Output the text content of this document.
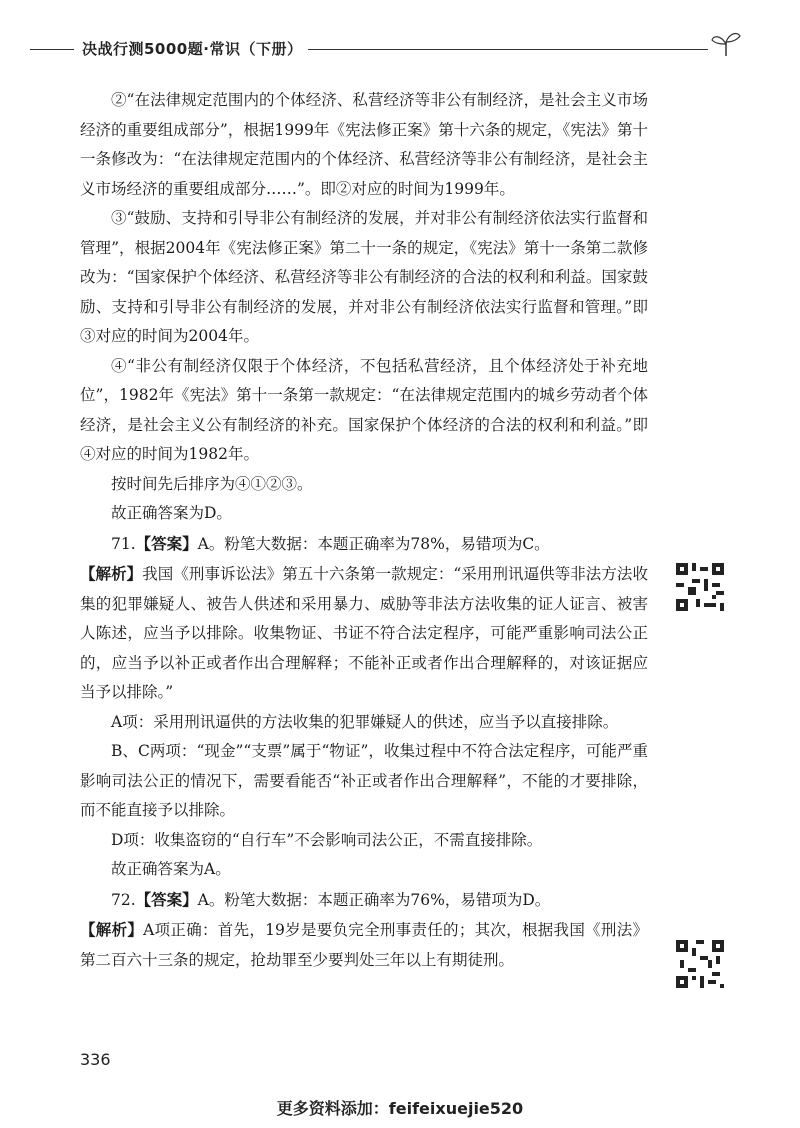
决战行测5000题·常识（下册）

②“在法律规定范围内的个体经济、私营经济等非公有制经济，是社会主义市场经济的重要组成部分”，根据1999年《宪法修正案》第十六条的规定，《宪法》第十一条修改为：“在法律规定范围内的个体经济、私营经济等非公有制经济，是社会主义市场经济的重要组成部分……”。即②对应的时间为1999年。

③“鼓励、支持和引导非公有制经济的发展，并对非公有制经济依法实行监督和管理”，根据2004年《宪法修正案》第二十一条的规定，《宪法》第十一条第二款修改为：“国家保护个体经济、私营经济等非公有制经济的合法的权利和利益。国家鼓励、支持和引导非公有制经济的发展，并对非公有制经济依法实行监督和管理。”即③对应的时间为2004年。

④“非公有制经济仅限于个体经济，不包括私营经济，且个体经济处于补充地位”，1982年《宪法》第十一条第一款规定：“在法律规定范围内的城乡劳动者个体经济，是社会主义公有制经济的补充。国家保护个体经济的合法的权利和利益。”即④对应的时间为1982年。

按时间先后排序为④①②③。

故正确答案为D。

71.【答案】A。粉笔大数据：本题正确率为78%，易错项为C。

【解析】我国《刑事诉讼法》第五十六条第一款规定：“采用刑讯逼供等非法方法收集的犯罪嫌疑人、被告人供述和采用暴力、威胁等非法方法收集的证人证言、被害人陈述，应当予以排除。收集物证、书证不符合法定程序，可能严重影响司法公正的，应当予以补正或者作出合理解释；不能补正或者作出合理解释的，对该证据应当予以排除。”

A项：采用刑讯逼供的方法收集的犯罪嫌疑人的供述，应当予以直接排除。

B、C两项：“现金”“支票”属于“物证”，收集过程中不符合法定程序，可能严重影响司法公正的情况下，需要看能否“补正或者作出合理解释”，不能的才要排除，而不能直接予以排除。

D项：收集盗窃的“自行车”不会影响司法公正，不需直接排除。

故正确答案为A。

72.【答案】A。粉笔大数据：本题正确率为76%，易错项为D。

【解析】A项正确：首先，19岁是要负完全刑事责任的；其次，根据我国《刑法》第二百六十三条的规定，抢劫罪至少要判处三年以上有期徒刑。

336
更多资料添加：feifeixuejie520
